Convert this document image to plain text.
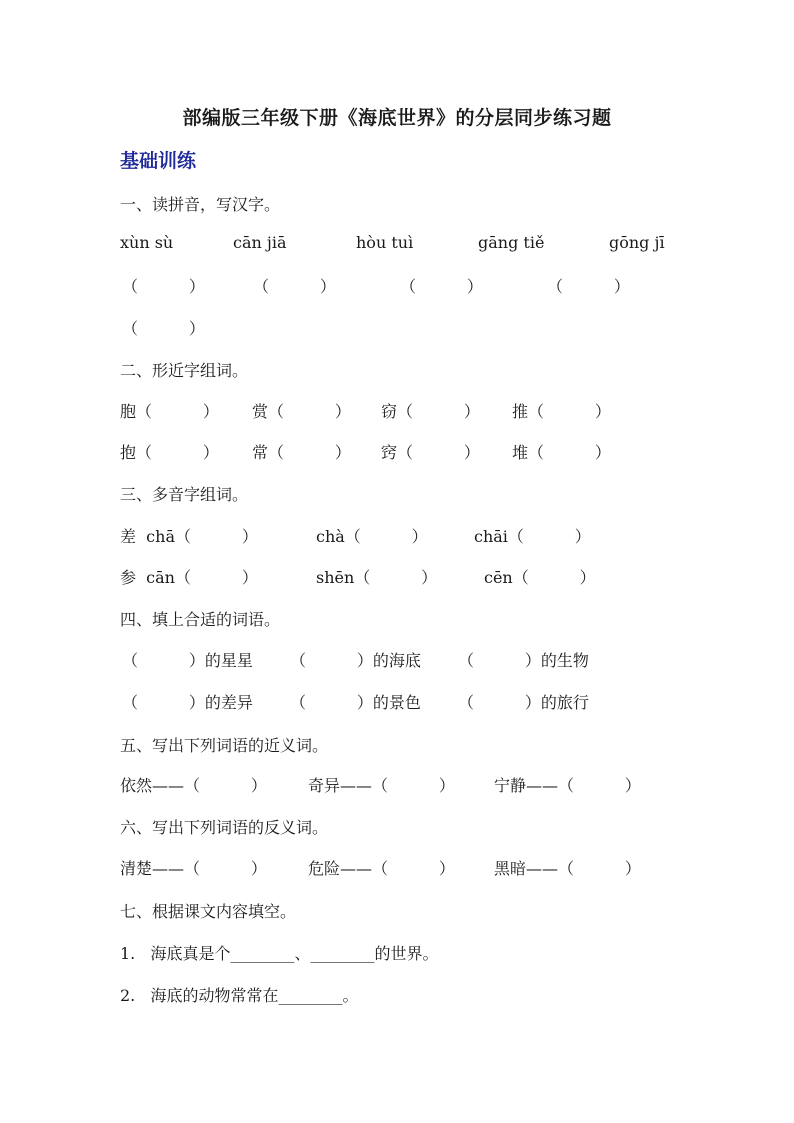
部编版三年级下册《海底世界》的分层同步练习题
基础训练
一、读拼音，写汉字。
xùn sù	cān jiā	hòu tuì	gāng tiě	gōng jī
（          ）	（          ）	（          ）	（          ）
（          ）
二、形近字组词。
胞（          ） 赏（          ） 窃（          ） 推（          ）
抱（          ） 常（          ） 窍（          ） 堆（          ）
三、多音字组词。
差  chā（          ）	chà（          ）	chāi（          ）
参  cān（          ）	shēn（          ）	cēn（          ）
四、填上合适的词语。
（          ）的星星 （          ）的海底 （          ）的生物
（          ）的差异 （          ）的景色 （          ）的旅行
五、写出下列词语的近义词。
依然——（          ）	奇异——（          ） 宁静——（          ）
六、写出下列词语的反义词。
清楚——（          ）	危险——（          ） 黑暗——（          ）
七、根据课文内容填空。
1.   海底真是个________、________的世界。
2.   海底的动物常常在________。
